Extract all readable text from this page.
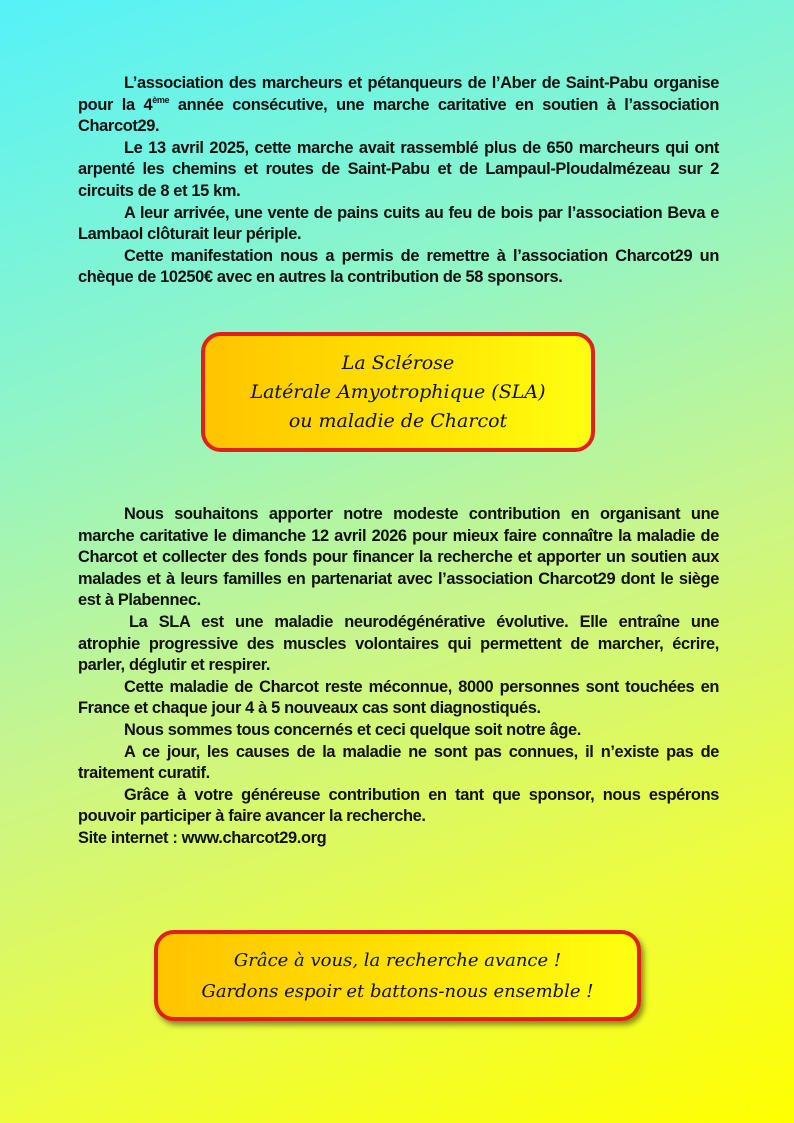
L’association des marcheurs et pétanqueurs de l’Aber de Saint-Pabu organise pour la 4ème année consécutive, une marche caritative en soutien à l’association Charcot29.

Le 13 avril 2025, cette marche avait rassemblé plus de 650 marcheurs qui ont arpenté les chemins et routes de Saint-Pabu et de Lampaul-Ploudalmézeau sur 2 circuits de 8 et 15 km.

A leur arrivée, une vente de pains cuits au feu de bois par l’association Beva e Lambaol clôturait leur périple.

Cette manifestation nous a permis de remettre à l’association Charcot29 un chèque de 10250€ avec en autres la contribution de 58 sponsors.

La Sclérose
Latérale Amyotrophique (SLA)
ou maladie de Charcot

Nous souhaitons apporter notre modeste contribution en organisant une marche caritative le dimanche 12 avril 2026 pour mieux faire connaître la maladie de Charcot et collecter des fonds pour financer la recherche et apporter un soutien aux malades et à leurs familles en partenariat avec l’association Charcot29 dont le siège est à Plabennec.

La SLA est une maladie neurodégénérative évolutive. Elle entraîne une atrophie progressive des muscles volontaires qui permettent de marcher, écrire, parler, déglutir et respirer.

Cette maladie de Charcot reste méconnue, 8000 personnes sont touchées en France et chaque jour 4 à 5 nouveaux cas sont diagnostiqués.

Nous sommes tous concernés et ceci quelque soit notre âge.

A ce jour, les causes de la maladie ne sont pas connues, il n’existe pas de traitement curatif.

Grâce à votre généreuse contribution en tant que sponsor, nous espérons pouvoir participer à faire avancer la recherche.

Site internet : www.charcot29.org

Grâce à vous, la recherche avance !
Gardons espoir et battons-nous ensemble !
